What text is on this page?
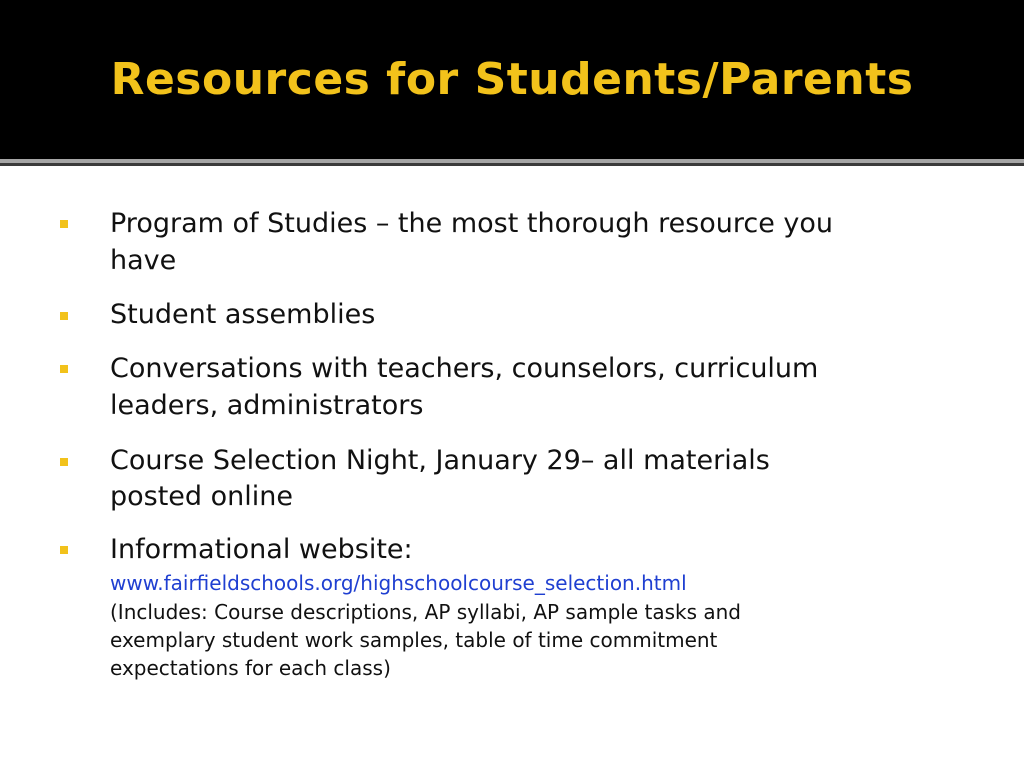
Resources for Students/Parents
Program of Studies – the most thorough resource you
have
Student assemblies
Conversations with teachers, counselors, curriculum
leaders, administrators
Course Selection Night, January 29– all materials
posted online
Informational website:
www.fairfieldschools.org/highschoolcourse_selection.html
(Includes: Course descriptions, AP syllabi, AP sample tasks and
exemplary student work samples, table of time commitment
expectations for each class)
